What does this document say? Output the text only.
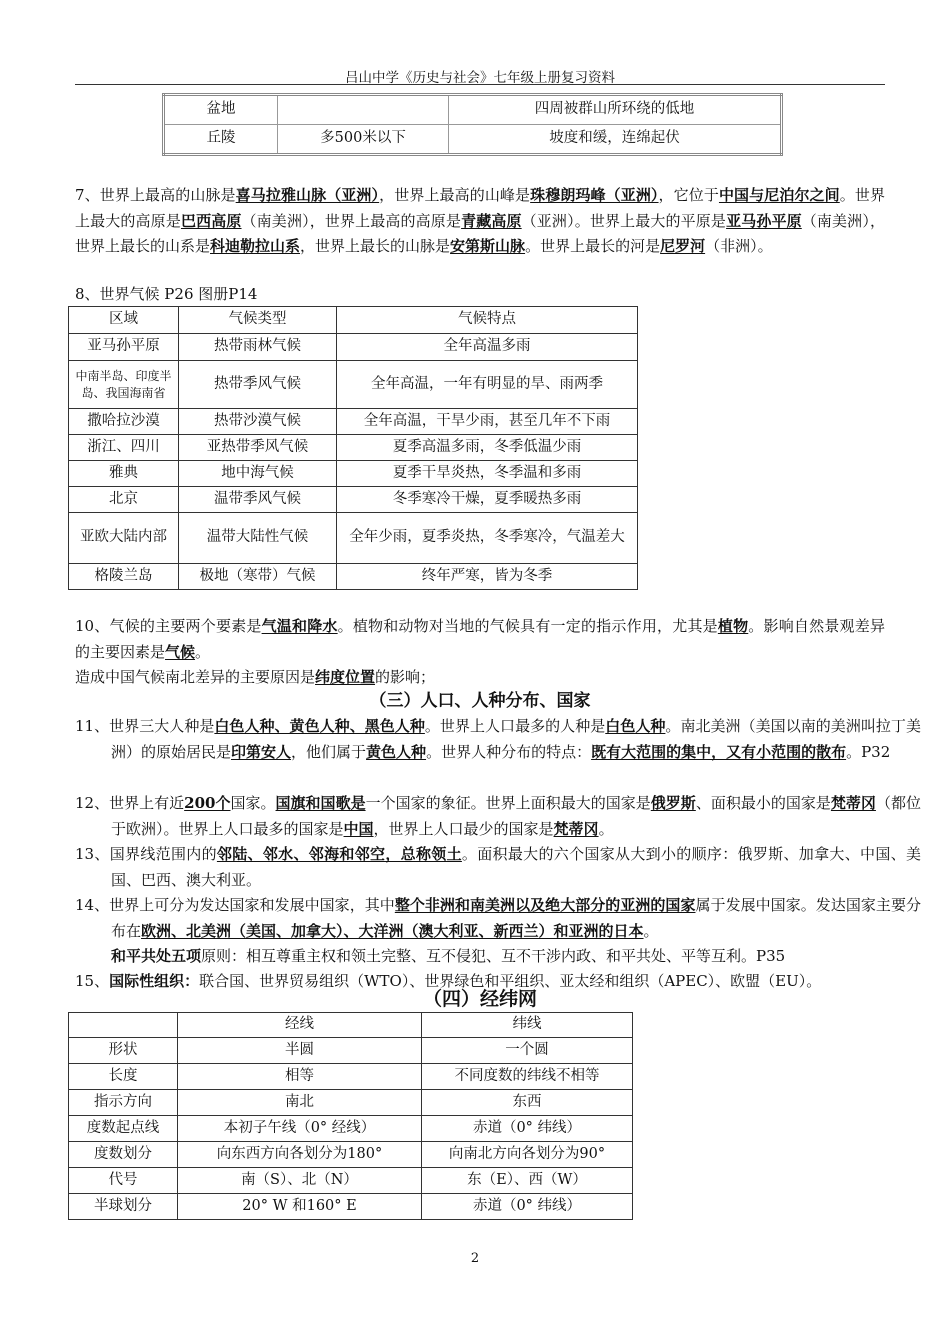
吕山中学《历史与社会》七年级上册复习资料
盆地		四周被群山所环绕的低地
丘陵	多500米以下	坡度和缓，连绵起伏
7、世界上最高的山脉是喜马拉雅山脉（亚洲），世界上最高的山峰是珠穆朗玛峰（亚洲），它位于中国与尼泊尔之间。世界上最大的高原是巴西高原（南美洲），世界上最高的高原是青藏高原（亚洲）。世界上最大的平原是亚马孙平原（南美洲），世界上最长的山系是科迪勒拉山系，世界上最长的山脉是安第斯山脉。世界上最长的河是尼罗河（非洲）。
8、世界气候 P26 图册P14
区域	气候类型	气候特点
亚马孙平原	热带雨林气候	全年高温多雨
中南半岛、印度半岛、我国海南省	热带季风气候	全年高温，一年有明显的旱、雨两季
撒哈拉沙漠	热带沙漠气候	全年高温，干旱少雨，甚至几年不下雨
浙江、四川	亚热带季风气候	夏季高温多雨，冬季低温少雨
雅典	地中海气候	夏季干旱炎热，冬季温和多雨
北京	温带季风气候	冬季寒冷干燥，夏季暖热多雨
亚欧大陆内部	温带大陆性气候	全年少雨，夏季炎热，冬季寒冷，气温差大
格陵兰岛	极地（寒带）气候	终年严寒，皆为冬季
10、气候的主要两个要素是气温和降水。植物和动物对当地的气候具有一定的指示作用，尤其是植物。影响自然景观差异的主要因素是气候。
造成中国气候南北差异的主要原因是纬度位置的影响；
（三）人口、人种分布、国家
11、世界三大人种是白色人种、黄色人种、黑色人种。世界上人口最多的人种是白色人种。南北美洲（美国以南的美洲叫拉丁美洲）的原始居民是印第安人，他们属于黄色人种。世界人种分布的特点：既有大范围的集中，又有小范围的散布。P32
12、世界上有近200个国家。国旗和国歌是一个国家的象征。世界上面积最大的国家是俄罗斯、面积最小的国家是梵蒂冈（都位于欧洲）。世界上人口最多的国家是中国，世界上人口最少的国家是梵蒂冈。
13、国界线范围内的邻陆、邻水、邻海和邻空，总称领土。面积最大的六个国家从大到小的顺序：俄罗斯、加拿大、中国、美国、巴西、澳大利亚。
14、世界上可分为发达国家和发展中国家，其中整个非洲和南美洲以及绝大部分的亚洲的国家属于发展中国家。发达国家主要分布在欧洲、北美洲（美国、加拿大）、大洋洲（澳大利亚、新西兰）和亚洲的日本。
和平共处五项原则：相互尊重主权和领土完整、互不侵犯、互不干涉内政、和平共处、平等互利。P35
15、国际性组织：联合国、世界贸易组织（WTO）、世界绿色和平组织、亚太经和组织（APEC）、欧盟（EU）。
（四）经纬网
	经线	纬线
形状	半圆	一个圆
长度	相等	不同度数的纬线不相等
指示方向	南北	东西
度数起点线	本初子午线（0° 经线）	赤道（0° 纬线）
度数划分	向东西方向各划分为180°	向南北方向各划分为90°
代号	南（S）、北（N）	东（E）、西（W）
半球划分	20° W 和160° E	赤道（0° 纬线）
2
